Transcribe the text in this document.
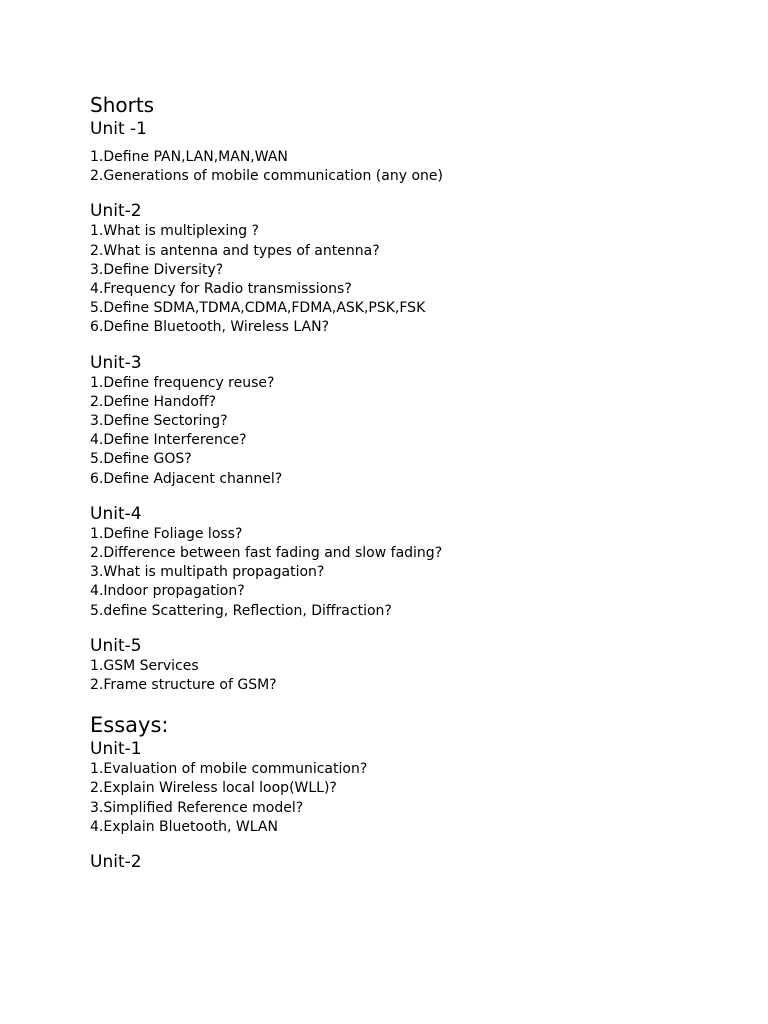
Shorts
Unit -1
1.Define PAN,LAN,MAN,WAN
2.Generations of mobile communication (any one)
Unit-2
1.What is multiplexing ?
2.What is antenna and types of antenna?
3.Define Diversity?
4.Frequency for Radio transmissions?
5.Define SDMA,TDMA,CDMA,FDMA,ASK,PSK,FSK
6.Define Bluetooth, Wireless LAN?
Unit-3
1.Define frequency reuse?
2.Define Handoff?
3.Define Sectoring?
4.Define Interference?
5.Define GOS?
6.Define Adjacent channel?
Unit-4
1.Define Foliage loss?
2.Difference between fast fading and slow fading?
3.What is multipath propagation?
4.Indoor propagation?
5.define Scattering, Reflection, Diffraction?
Unit-5
1.GSM Services
2.Frame structure of GSM?
Essays:
Unit-1
1.Evaluation of mobile communication?
2.Explain Wireless local loop(WLL)?
3.Simplified Reference model?
4.Explain Bluetooth, WLAN
Unit-2
